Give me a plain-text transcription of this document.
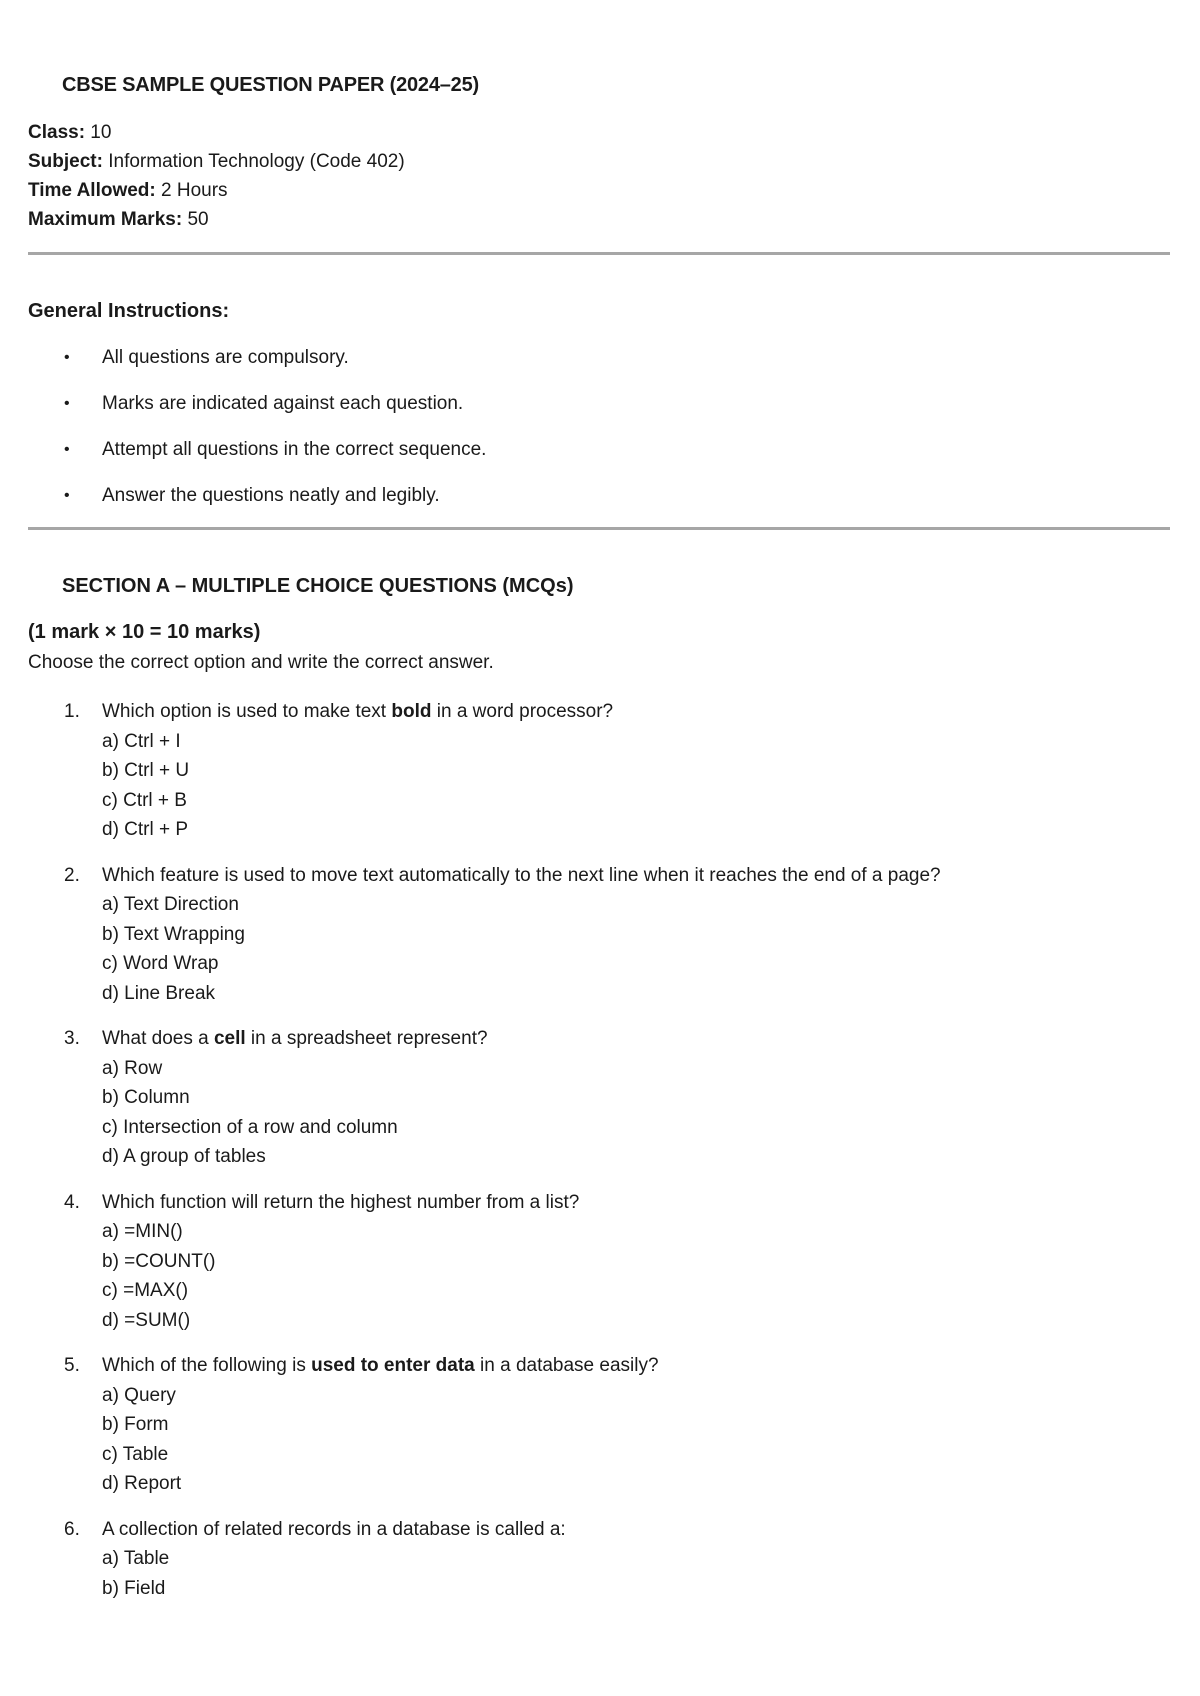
CBSE SAMPLE QUESTION PAPER (2024–25)
Class: 10
Subject: Information Technology (Code 402)
Time Allowed: 2 Hours
Maximum Marks: 50
General Instructions:
• All questions are compulsory.
• Marks are indicated against each question.
• Attempt all questions in the correct sequence.
• Answer the questions neatly and legibly.
SECTION A – MULTIPLE CHOICE QUESTIONS (MCQs)
(1 mark × 10 = 10 marks)
Choose the correct option and write the correct answer.
1. Which option is used to make text bold in a word processor?
a) Ctrl + I
b) Ctrl + U
c) Ctrl + B
d) Ctrl + P
2. Which feature is used to move text automatically to the next line when it reaches the end of a page?
a) Text Direction
b) Text Wrapping
c) Word Wrap
d) Line Break
3. What does a cell in a spreadsheet represent?
a) Row
b) Column
c) Intersection of a row and column
d) A group of tables
4. Which function will return the highest number from a list?
a) =MIN()
b) =COUNT()
c) =MAX()
d) =SUM()
5. Which of the following is used to enter data in a database easily?
a) Query
b) Form
c) Table
d) Report
6. A collection of related records in a database is called a:
a) Table
b) Field
